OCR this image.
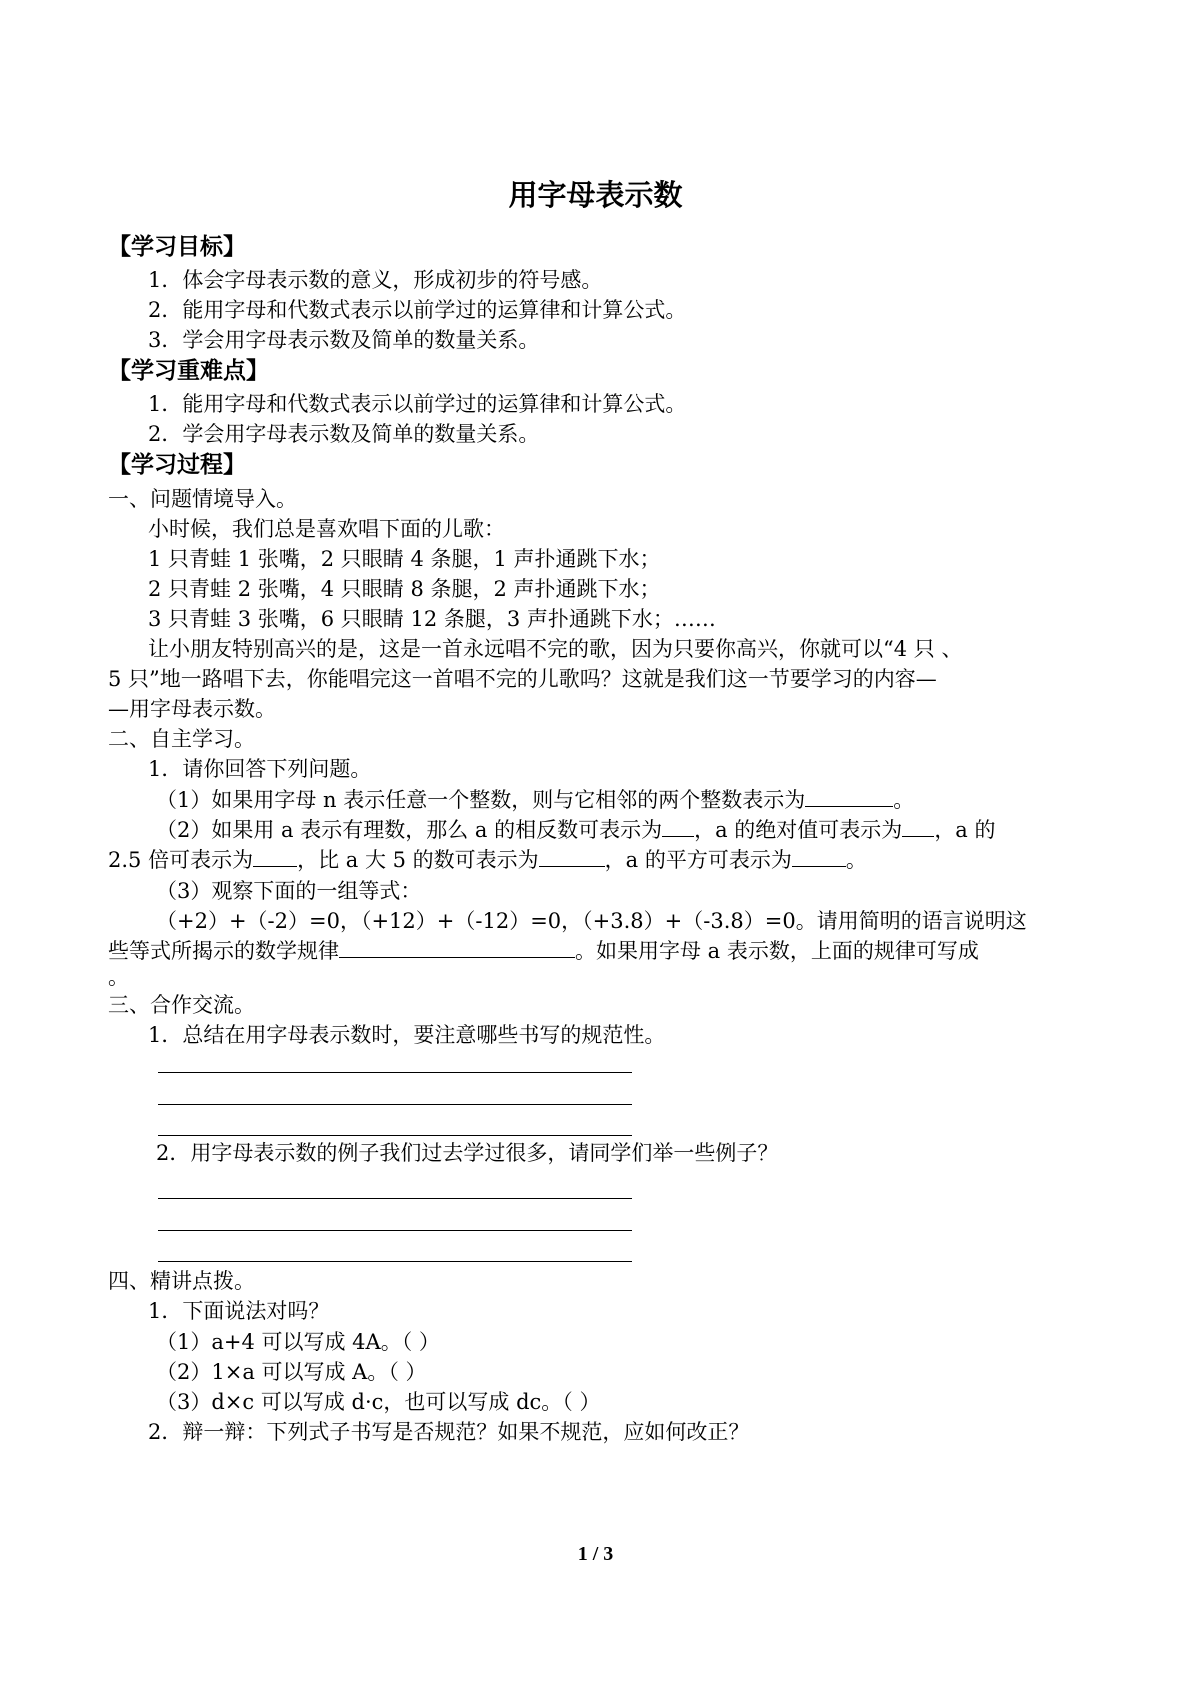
用字母表示数
【学习目标】
1．体会字母表示数的意义，形成初步的符号感。
2．能用字母和代数式表示以前学过的运算律和计算公式。
3．学会用字母表示数及简单的数量关系。
【学习重难点】
1．能用字母和代数式表示以前学过的运算律和计算公式。
2．学会用字母表示数及简单的数量关系。
【学习过程】
一、问题情境导入。
小时候，我们总是喜欢唱下面的儿歌：
1 只青蛙 1 张嘴，2 只眼睛 4 条腿，1 声扑通跳下水；
2 只青蛙 2 张嘴，4 只眼睛 8 条腿，2 声扑通跳下水；
3 只青蛙 3 张嘴，6 只眼睛 12 条腿，3 声扑通跳下水；……
让小朋友特别高兴的是，这是一首永远唱不完的歌，因为只要你高兴，你就可以“4 只 、
5 只”地一路唱下去，你能唱完这一首唱不完的儿歌吗？这就是我们这一节要学习的内容—
—用字母表示数。
二、自主学习。
1．请你回答下列问题。
（1）如果用字母 n 表示任意一个整数，则与它相邻的两个整数表示为	。
（2）如果用 a 表示有理数，那么 a 的相反数可表示为 ，a 的绝对值可表示为 ，a 的
2.5 倍可表示为 ，比 a 大 5 的数可表示为	，a 的平方可表示为	。
（3）观察下面的一组等式：
（+2）+（-2）=0，（+12）+（-12）=0，（+3.8）+（-3.8）=0。请用简明的语言说明这
些等式所揭示的数学规律	。如果用字母 a 表示数，上面的规律可写成
。
三、合作交流。
1．总结在用字母表示数时，要注意哪些书写的规范性。
2．用字母表示数的例子我们过去学过很多，请同学们举一些例子？
四、精讲点拨。
1．下面说法对吗？
（1）a+4 可以写成 4A。（ ）
（2）1×a 可以写成 A。（ ）
（3）d×c 可以写成 d·c，也可以写成 dc。（ ）
2．辩一辩：下列式子书写是否规范？如果不规范，应如何改正？
1 / 3
